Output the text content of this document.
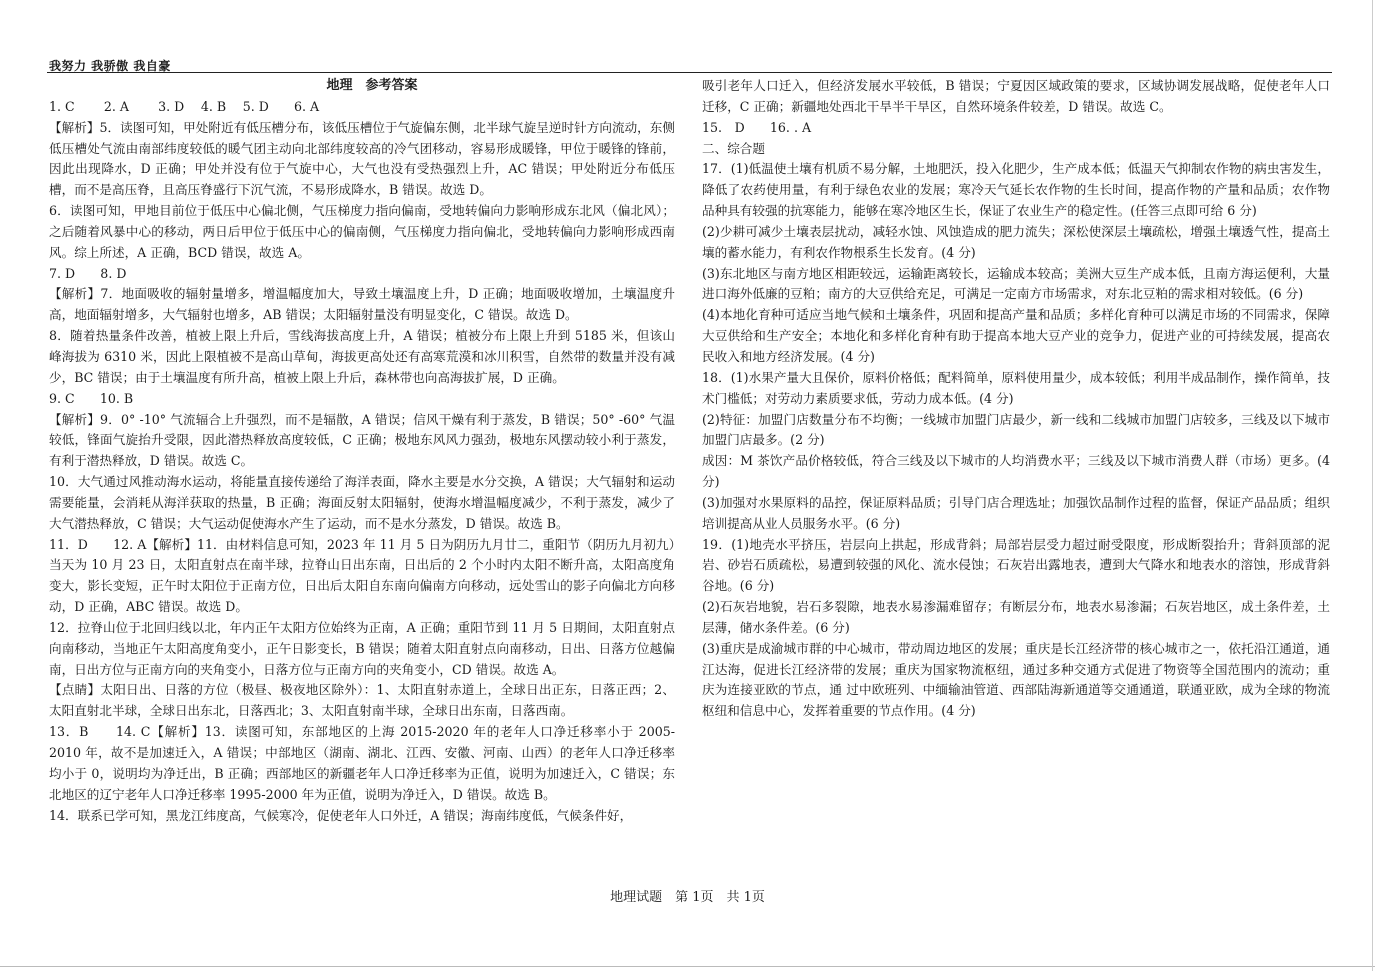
我努力 我骄傲 我自豪
地理　参考答案

1. C　　 2. A　　 3. D　 4. B　 5. D　　6. A

【解析】5．读图可知，甲处附近有低压槽分布，该低压槽位于气旋偏东侧，北半球气旋呈逆时针方向流动，东侧低压槽处气流由南部纬度较低的暖气团主动向北部纬度较高的冷气团移动，容易形成暖锋，甲位于暖锋的锋前，因此出现降水，D 正确；甲处并没有位于气旋中心，大气也没有受热强烈上升，AC 错误；甲处附近分布低压槽，而不是高压脊，且高压脊盛行下沉气流，不易形成降水，B 错误。故选 D。

6．读图可知，甲地目前位于低压中心偏北侧，气压梯度力指向偏南，受地转偏向力影响形成东北风（偏北风）；之后随着风暴中心的移动，两日后甲位于低压中心的偏南侧，气压梯度力指向偏北，受地转偏向力影响形成西南风。综上所述，A 正确，BCD 错误，故选 A。

7. D　　8. D

【解析】7．地面吸收的辐射量增多，增温幅度加大，导致土壤温度上升，D 正确；地面吸收增加，土壤温度升高，地面辐射增多，大气辐射也增多，AB 错误；太阳辐射量没有明显变化，C 错误。故选 D。

8．随着热量条件改善，植被上限上升后，雪线海拔高度上升，A 错误；植被分布上限上升到 5185 米，但该山峰海拔为 6310 米，因此上限植被不是高山草甸，海拔更高处还有高寒荒漠和冰川积雪，自然带的数量并没有减少，BC 错误；由于土壤温度有所升高，植被上限上升后，森林带也向高海拔扩展，D 正确。

9. C　　10. B

【解析】9．0° -10° 气流辐合上升强烈，而不是辐散，A 错误；信风干燥有利于蒸发，B 错误；50° -60° 气温较低，锋面气旋抬升受限，因此潜热释放高度较低，C 正确；极地东风风力强劲，极地东风摆动较小利于蒸发，有利于潜热释放，D 错误。故选 C。

10．大气通过风推动海水运动，将能量直接传递给了海洋表面，降水主要是水分交换，A 错误；大气辐射和运动需要能量，会消耗从海洋获取的热量，B 正确；海面反射太阳辐射，使海水增温幅度减少，不利于蒸发，减少了大气潜热释放，C 错误；大气运动促使海水产生了运动，而不是水分蒸发，D 错误。故选 B。

11．D　　12. A【解析】11．由材料信息可知，2023 年 11 月 5 日为阴历九月廿二，重阳节（阴历九月初九）当天为 10 月 23 日，太阳直射点在南半球，拉脊山日出东南，日出后的 2 个小时内太阳不断升高，太阳高度角变大，影长变短，正午时太阳位于正南方位，日出后太阳自东南向偏南方向移动，远处雪山的影子向偏北方向移动，D 正确，ABC 错误。故选 D。

12．拉脊山位于北回归线以北，年内正午太阳方位始终为正南，A 正确；重阳节到 11 月 5 日期间，太阳直射点向南移动，当地正午太阳高度角变小，正午日影变长，B 错误；随着太阳直射点向南移动，日出、日落方位越偏南，日出方位与正南方向的夹角变小，日落方位与正南方向的夹角变小，CD 错误。故选 A。

【点睛】太阳日出、日落的方位（极昼、极夜地区除外）：1、太阳直射赤道上，全球日出正东，日落正西；2、太阳直射北半球，全球日出东北，日落西北；3、太阳直射南半球，全球日出东南，日落西南。

13．B　　14. C【解析】13．读图可知，东部地区的上海 2015-2020 年的老年人口净迁移率小于 2005-2010 年，故不是加速迁入，A 错误；中部地区（湖南、湖北、江西、安徽、河南、山西）的老年人口净迁移率均小于 0，说明均为净迁出，B 正确；西部地区的新疆老年人口净迁移率为正值，说明为加速迁入，C 错误；东北地区的辽宁老年人口净迁移率 1995-2000 年为正值，说明为净迁入，D 错误。故选 B。

14．联系已学可知，黑龙江纬度高，气候寒冷，促使老年人口外迁，A 错误；海南纬度低，气候条件好，

吸引老年人口迁入，但经济发展水平较低，B 错误；宁夏因区域政策的要求，区域协调发展战略，促使老年人口迁移，C 正确；新疆地处西北干旱半干旱区，自然环境条件较差，D 错误。故选 C。

15.　D　　16. . A

二、综合题

17．(1)低温使土壤有机质不易分解，土地肥沃，投入化肥少，生产成本低；低温天气抑制农作物的病虫害发生，降低了农药使用量，有利于绿色农业的发展；寒冷天气延长农作物的生长时间，提高作物的产量和品质；农作物品种具有较强的抗寒能力，能够在寒冷地区生长，保证了农业生产的稳定性。(任答三点即可给 6 分)

(2)少耕可减少土壤表层扰动，减轻水蚀、风蚀造成的肥力流失；深松使深层土壤疏松，增强土壤透气性，提高土壤的蓄水能力，有利农作物根系生长发育。(4 分)

(3)东北地区与南方地区相距较远，运输距离较长，运输成本较高；美洲大豆生产成本低，且南方海运便利，大量进口海外低廉的豆粕；南方的大豆供给充足，可满足一定南方市场需求，对东北豆粕的需求相对较低。(6 分)

(4)本地化育种可适应当地气候和土壤条件，巩固和提高产量和品质；多样化育种可以满足市场的不同需求，保障大豆供给和生产安全；本地化和多样化育种有助于提高本地大豆产业的竞争力，促进产业的可持续发展，提高农民收入和地方经济发展。(4 分)

18．(1)水果产量大且保价，原料价格低；配料简单，原料使用量少，成本较低；利用半成品制作，操作简单，技术门槛低；对劳动力素质要求低，劳动力成本低。(4 分)

(2)特征：加盟门店数量分布不均衡；一线城市加盟门店最少，新一线和二线城市加盟门店较多，三线及以下城市加盟门店最多。(2 分)

成因：M 茶饮产品价格较低，符合三线及以下城市的人均消费水平；三线及以下城市消费人群（市场）更多。(4 分)

(3)加强对水果原料的品控，保证原料品质；引导门店合理选址；加强饮品制作过程的监督，保证产品品质；组织培训提高从业人员服务水平。(6 分)

19．(1)地壳水平挤压，岩层向上拱起，形成背斜；局部岩层受力超过耐受限度，形成断裂抬升；背斜顶部的泥岩、砂岩石质疏松，易遭到较强的风化、流水侵蚀；石灰岩出露地表，遭到大气降水和地表水的溶蚀，形成背斜谷地。(6 分)

(2)石灰岩地貌，岩石多裂隙，地表水易渗漏难留存；有断层分布，地表水易渗漏；石灰岩地区，成土条件差，土 层薄，储水条件差。(6 分)

(3)重庆是成渝城市群的中心城市，带动周边地区的发展；重庆是长江经济带的核心城市之一，依托沿江通道，通江达海，促进长江经济带的发展；重庆为国家物流枢纽，通过多种交通方式促进了物资等全国范围内的流动；重庆为连接亚欧的节点，通 过中欧班列、中缅输油管道、西部陆海新通道等交通通道，联通亚欧，成为全球的物流枢纽和信息中心，发挥着重要的节点作用。(4 分)

地理试题　第 1页　共 1页
